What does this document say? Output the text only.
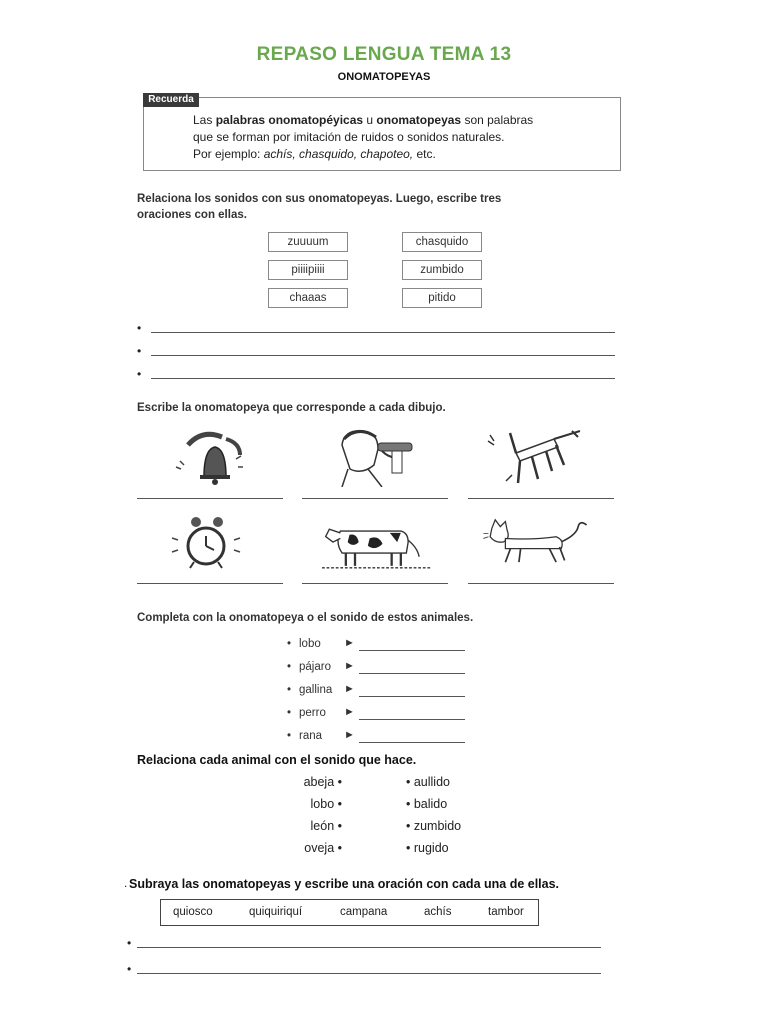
REPASO LENGUA TEMA 13
ONOMATOPEYAS
Recuerda
Las palabras onomatopéyicas u onomatopeyas son palabras
que se forman por imitación de ruidos o sonidos naturales.
Por ejemplo: achís, chasquido, chapoteo, etc.
Relaciona los sonidos con sus onomatopeyas. Luego, escribe tres
oraciones con ellas.
zuuuum
piiiipiiii
chaaas
chasquido
zumbido
pitido
•
•
•
Escribe la onomatopeya que corresponde a cada dibujo.
Completa con la onomatopeya o el sonido de estos animales.
• lobo ►
• pájaro ►
• gallina ►
• perro ►
• rana ►
Relaciona cada animal con el sonido que hace.
abeja •
lobo •
león •
oveja •
• aullido
• balido
• zumbido
• rugido
. Subraya las onomatopeyas y escribe una oración con cada una de ellas.
quiosco	quiquiriquí	campana	achís	tambor
•
•
